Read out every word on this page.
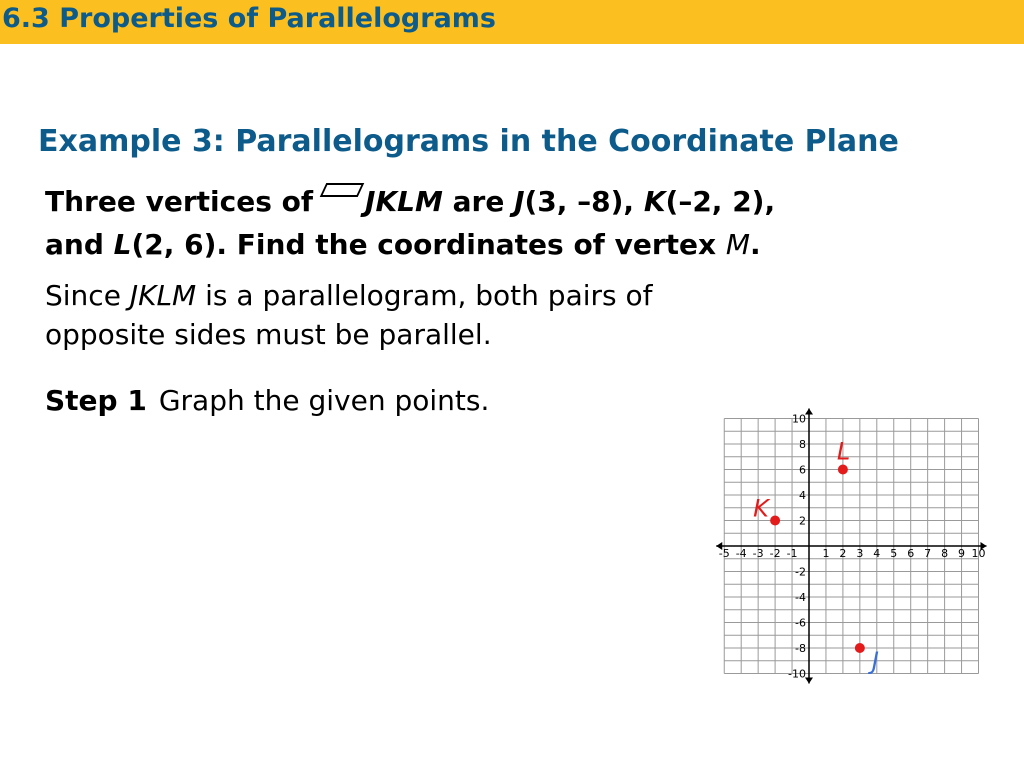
6.3 Properties of Parallelograms
Example 3: Parallelograms in the Coordinate Plane
Three vertices of JKLM are J(3, –8), K(–2, 2),
and L(2, 6). Find the coordinates of vertex M.
Since JKLM is a parallelogram, both pairs of
opposite sides must be parallel.
Step 1 Graph the given points.
-5 -4 -3 -2 -1 1 2 3 4 5 6 7 8 9 10
10
8
6
4
2
-2
-4
-6
-8
-10
L
K
J
